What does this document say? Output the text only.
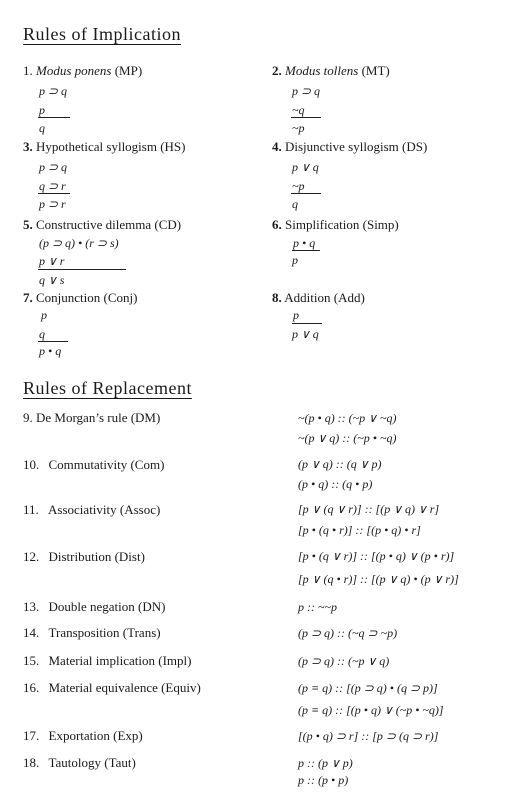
Rules of Implication
1. Modus ponens (MP)
p ⊃ q
p
q
2. Modus tollens (MT)
p ⊃ q
~q
~p
3. Hypothetical syllogism (HS)
p ⊃ q
q ⊃ r
p ⊃ r
4. Disjunctive syllogism (DS)
p ∨ q
~p
q
5. Constructive dilemma (CD)
(p ⊃ q) • (r ⊃ s)
p ∨ r
q ∨ s
6. Simplification (Simp)
p • q
p
7. Conjunction (Conj)
p
q
p • q
8. Addition (Add)
p
p ∨ q
Rules of Replacement
9. De Morgan’s rule (DM)	~(p • q) :: (~p ∨ ~q)
~(p ∨ q) :: (~p • ~q)
10. Commutativity (Com)	(p ∨ q) :: (q ∨ p)
(p • q) :: (q • p)
11. Associativity (Assoc)	[p ∨ (q ∨ r)] :: [(p ∨ q) ∨ r]
[p • (q • r)] :: [(p • q) • r]
12. Distribution (Dist)	[p • (q ∨ r)] :: [(p • q) ∨ (p • r)]
[p ∨ (q • r)] :: [(p ∨ q) • (p ∨ r)]
13. Double negation (DN)	p :: ~~p
14. Transposition (Trans)	(p ⊃ q) :: (~q ⊃ ~p)
15. Material implication (Impl)	(p ⊃ q) :: (~p ∨ q)
16. Material equivalence (Equiv)	(p ≡ q) :: [(p ⊃ q) • (q ⊃ p)]
(p ≡ q) :: [(p • q) ∨ (~p • ~q)]
17. Exportation (Exp)	[(p • q) ⊃ r] :: [p ⊃ (q ⊃ r)]
18. Tautology (Taut)	p :: (p ∨ p)
p :: (p • p)
